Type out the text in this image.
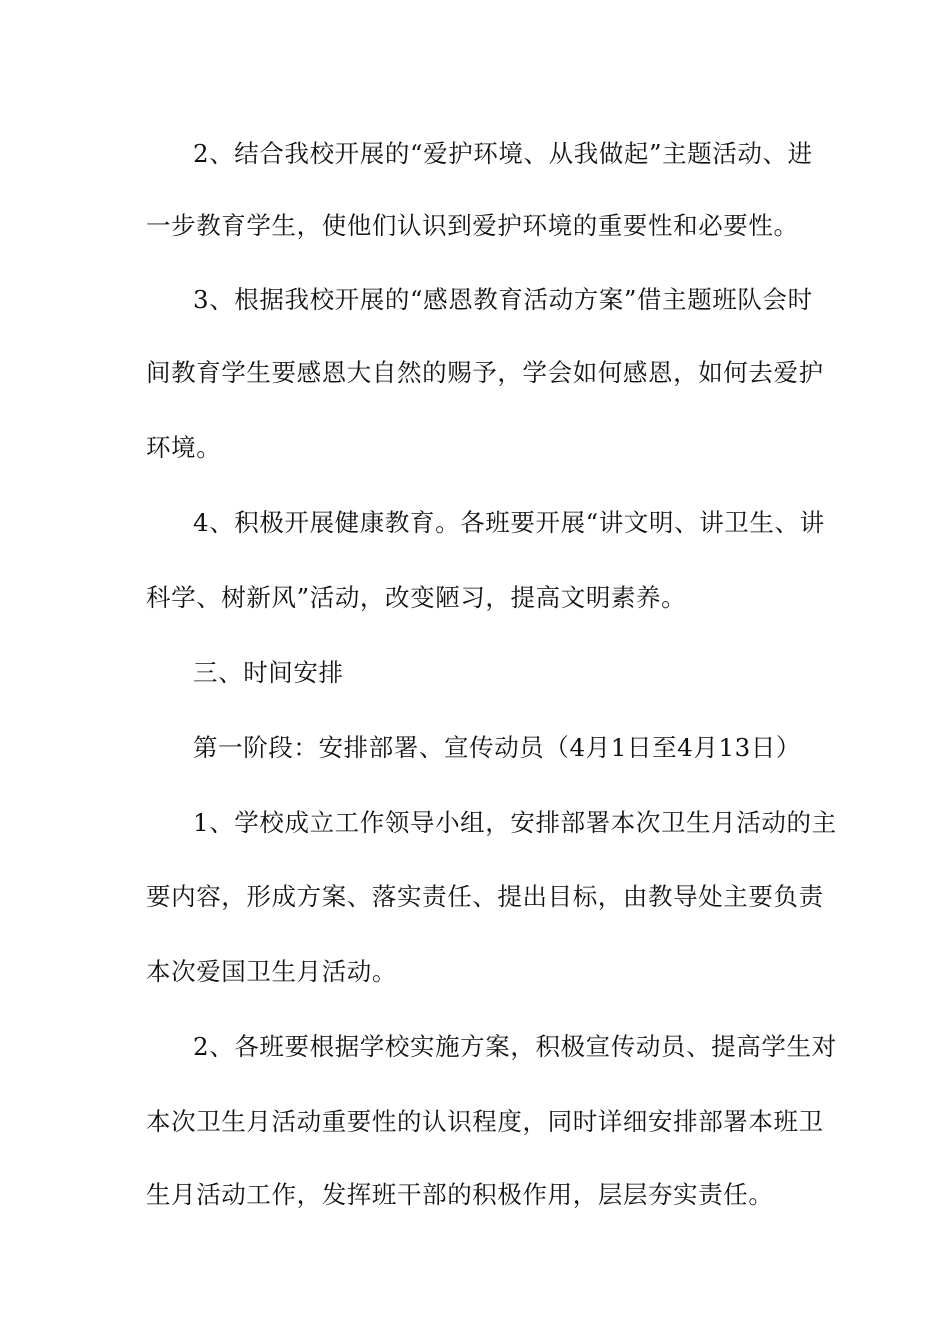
2、结合我校开展的“爱护环境、从我做起”主题活动、进
一步教育学生，使他们认识到爱护环境的重要性和必要性。
3、根据我校开展的“感恩教育活动方案”借主题班队会时
间教育学生要感恩大自然的赐予，学会如何感恩，如何去爱护
环境。
4、积极开展健康教育。各班要开展“讲文明、讲卫生、讲
科学、树新风”活动，改变陋习，提高文明素养。
三、时间安排
第一阶段：安排部署、宣传动员（4月1日至4月13日）
1、学校成立工作领导小组，安排部署本次卫生月活动的主
要内容，形成方案、落实责任、提出目标，由教导处主要负责
本次爱国卫生月活动。
2、各班要根据学校实施方案，积极宣传动员、提高学生对
本次卫生月活动重要性的认识程度，同时详细安排部署本班卫
生月活动工作，发挥班干部的积极作用，层层夯实责任。
